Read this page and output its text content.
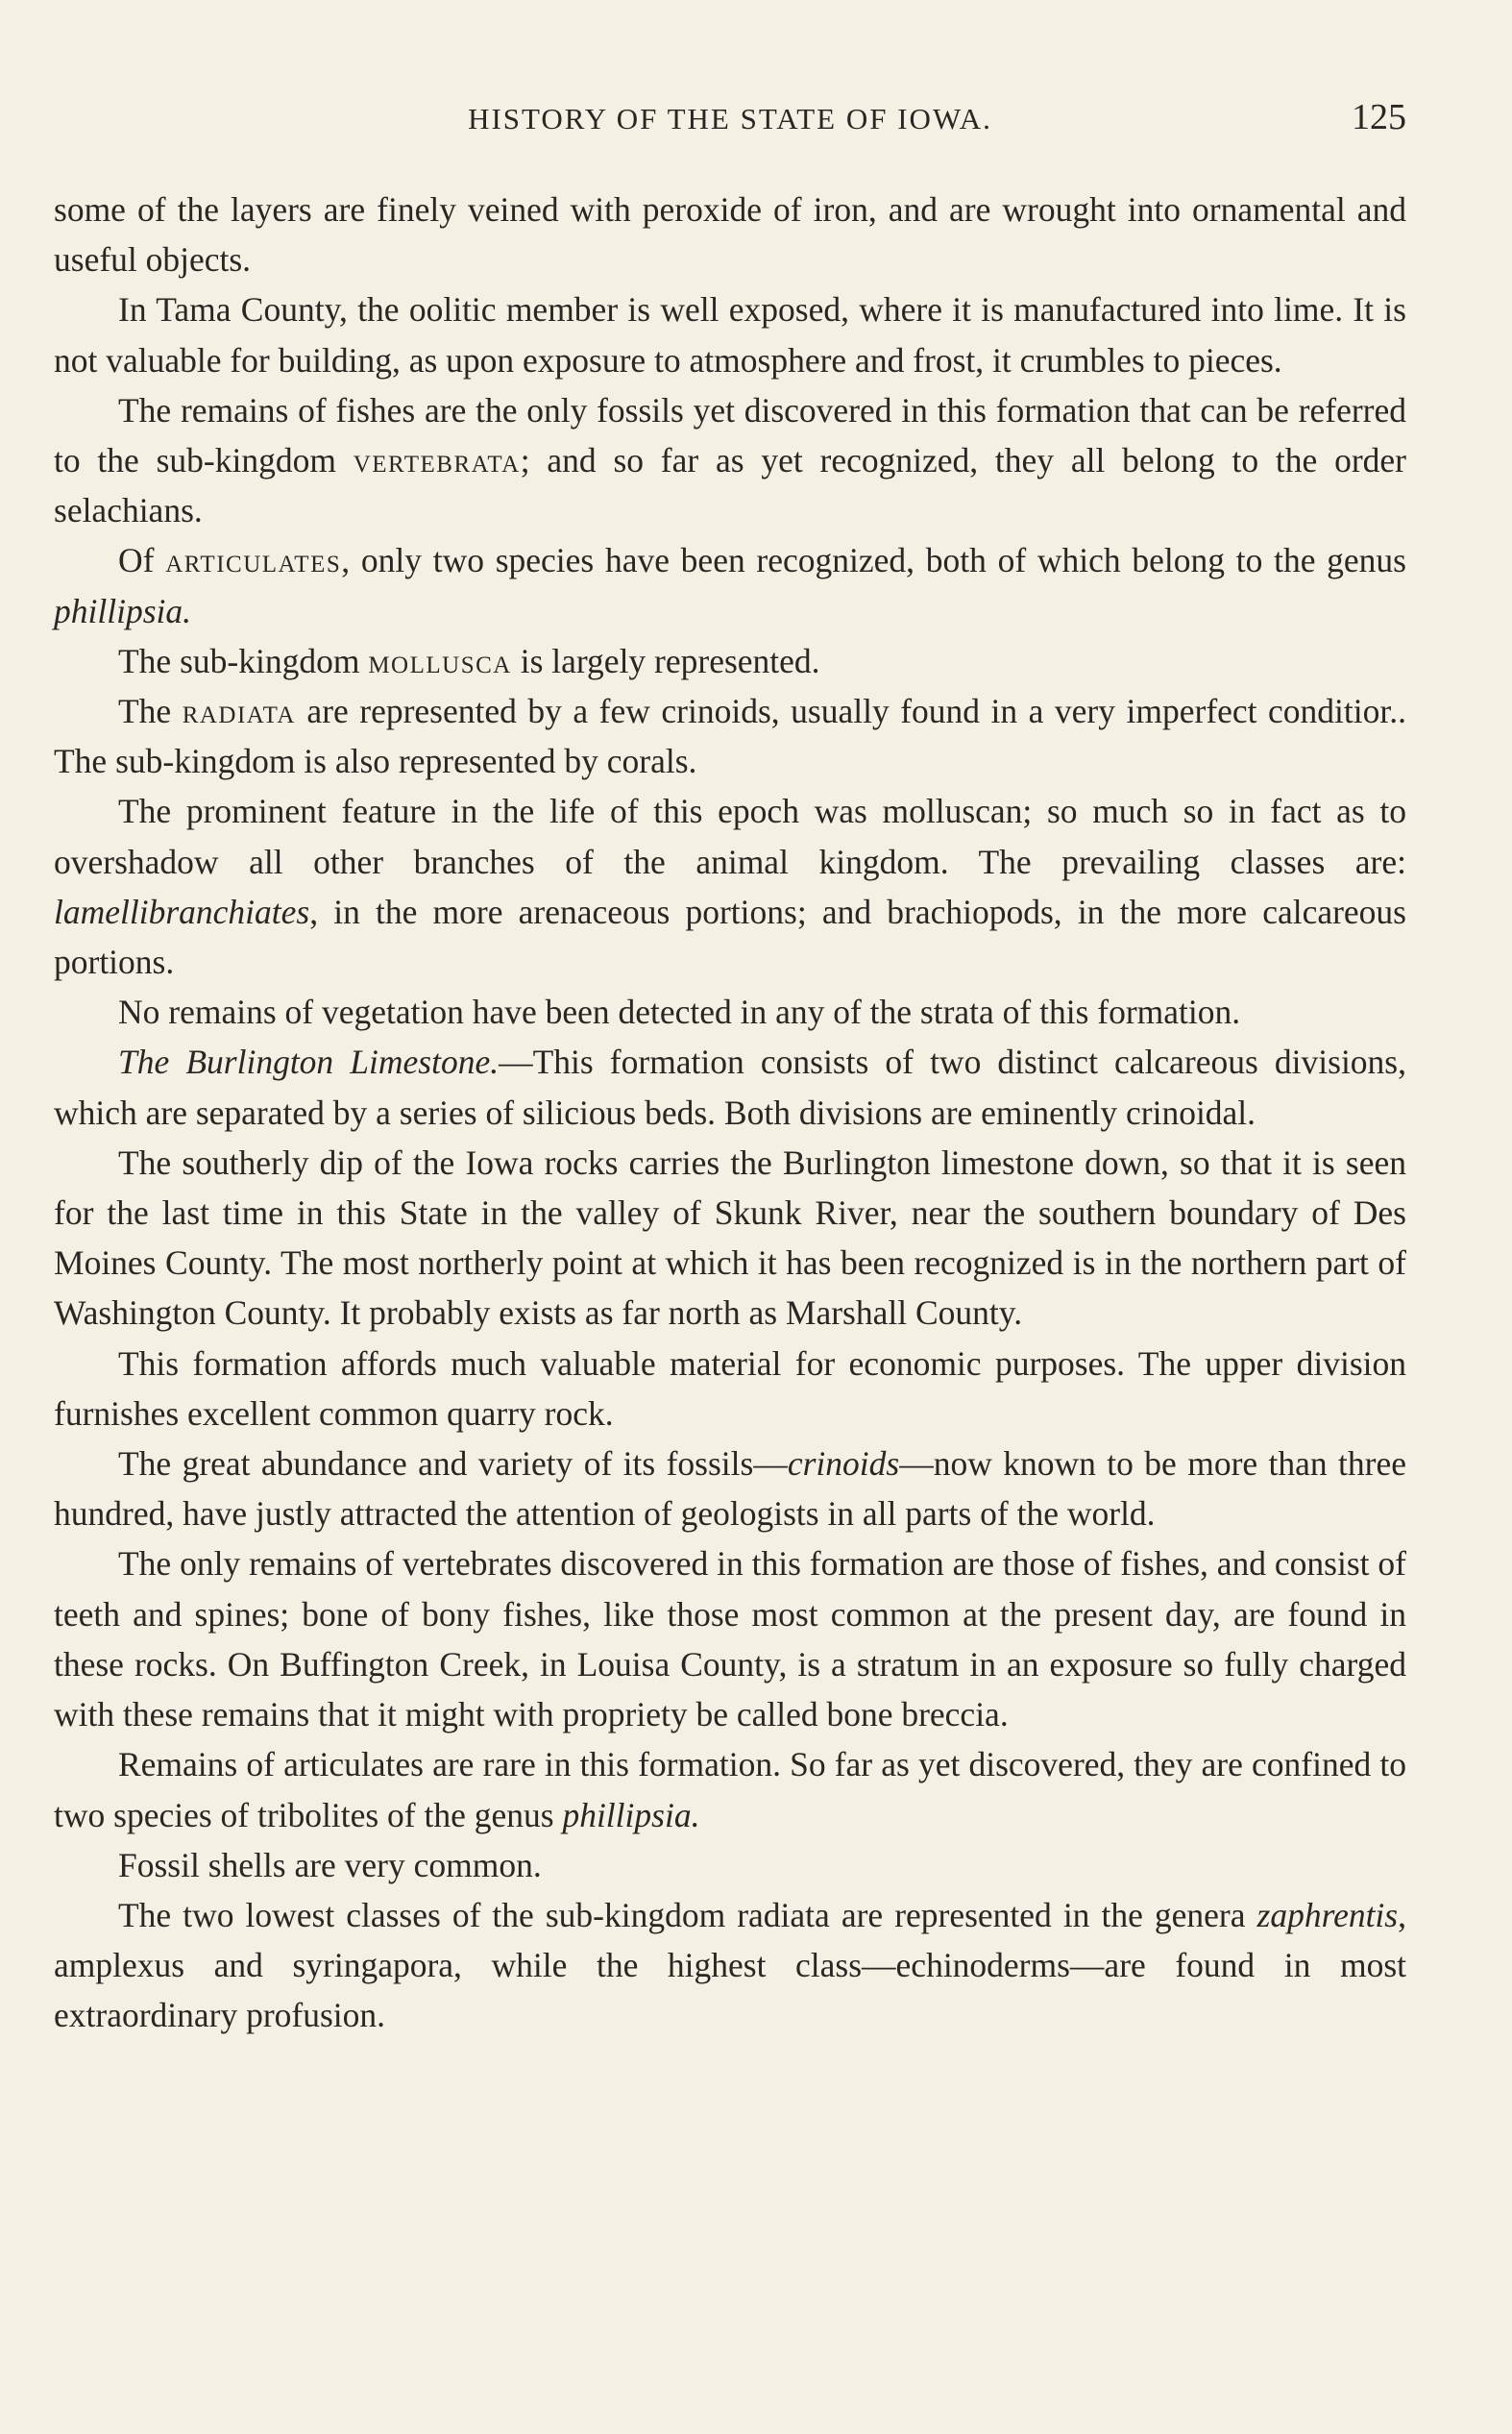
HISTORY OF THE STATE OF IOWA.	125

some of the layers are finely veined with peroxide of iron, and are wrought into ornamental and useful objects.

In Tama County, the oolitic member is well exposed, where it is manufactured into lime. It is not valuable for building, as upon exposure to atmosphere and frost, it crumbles to pieces.

The remains of fishes are the only fossils yet discovered in this formation that can be referred to the sub-kingdom vertebrata; and so far as yet recognized, they all belong to the order selachians.

Of articulates, only two species have been recognized, both of which belong to the genus phillipsia.

The sub-kingdom mollusca is largely represented.

The radiata are represented by a few crinoids, usually found in a very imperfect conditior.. The sub-kingdom is also represented by corals.

The prominent feature in the life of this epoch was molluscan; so much so in fact as to overshadow all other branches of the animal kingdom. The prevailing classes are: lamellibranchiates, in the more arenaceous portions; and brachiopods, in the more calcareous portions.

No remains of vegetation have been detected in any of the strata of this formation.

The Burlington Limestone.—This formation consists of two distinct calcareous divisions, which are separated by a series of silicious beds. Both divisions are eminently crinoidal.

The southerly dip of the Iowa rocks carries the Burlington limestone down, so that it is seen for the last time in this State in the valley of Skunk River, near the southern boundary of Des Moines County. The most northerly point at which it has been recognized is in the northern part of Washington County. It probably exists as far north as Marshall County.

This formation affords much valuable material for economic purposes. The upper division furnishes excellent common quarry rock.

The great abundance and variety of its fossils—crinoids—now known to be more than three hundred, have justly attracted the attention of geologists in all parts of the world.

The only remains of vertebrates discovered in this formation are those of fishes, and consist of teeth and spines; bone of bony fishes, like those most common at the present day, are found in these rocks. On Buffington Creek, in Louisa County, is a stratum in an exposure so fully charged with these remains that it might with propriety be called bone breccia.

Remains of articulates are rare in this formation. So far as yet discovered, they are confined to two species of tribolites of the genus phillipsia.

Fossil shells are very common.

The two lowest classes of the sub-kingdom radiata are represented in the genera zaphrentis, amplexus and syringapora, while the highest class—echinoderms—are found in most extraordinary profusion.
